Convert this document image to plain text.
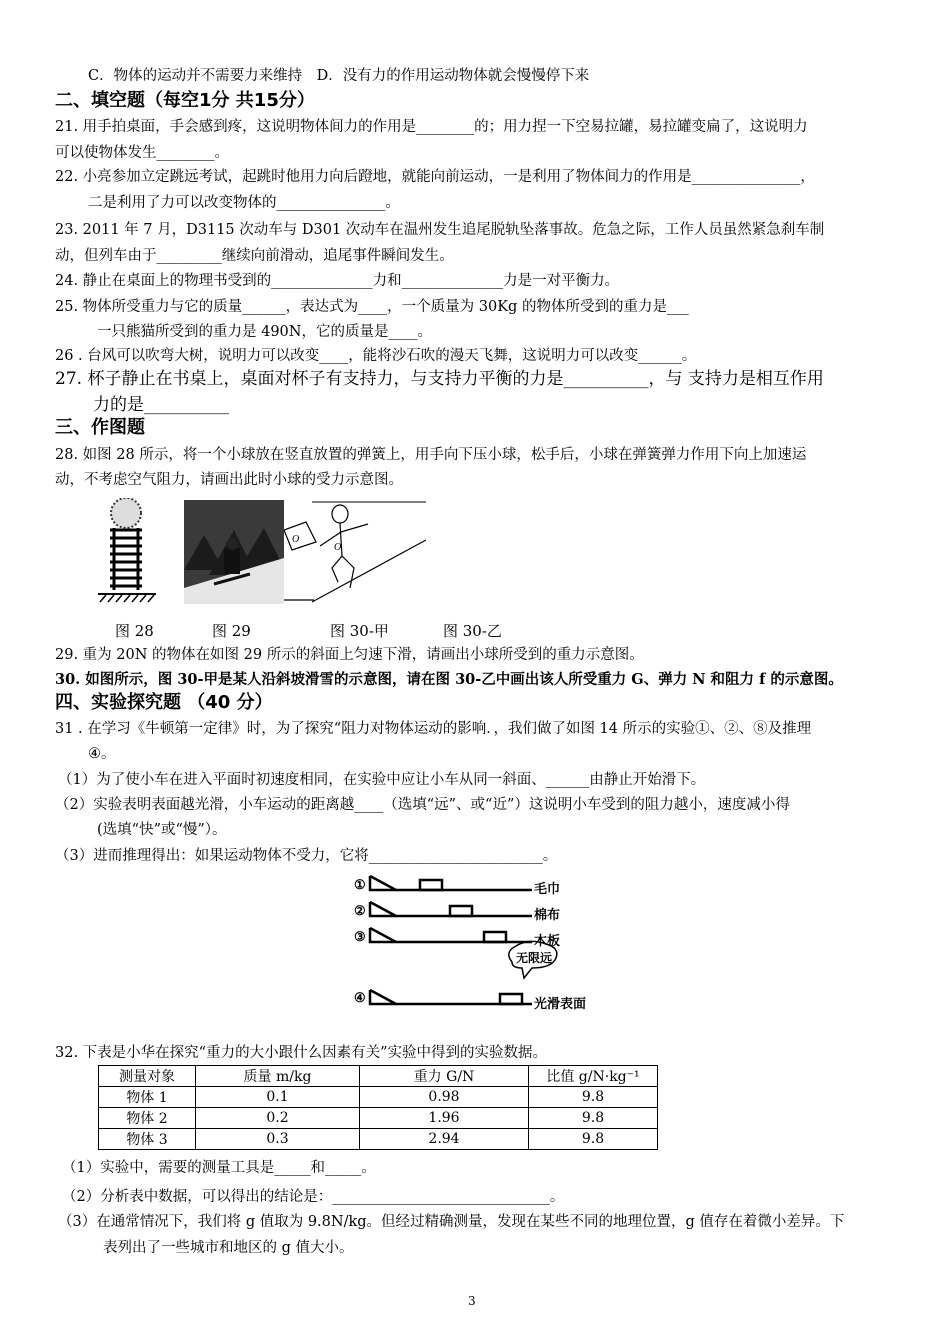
C．物体的运动并不需要力来维持　D．没有力的作用运动物体就会慢慢停下来
二、填空题（每空1分 共15分）
21. 用手拍桌面，手会感到疼，这说明物体间力的作用是________的；用力捏一下空易拉罐，易拉罐变扁了，这说明力
可以使物体发生________。
22. 小亮参加立定跳远考试，起跳时他用力向后蹬地，就能向前运动，一是利用了物体间力的作用是_______________，
二是利用了力可以改变物体的_______________。
23. 2011 年 7 月，D3115 次动车与 D301 次动车在温州发生追尾脱轨坠落事故。危急之际，工作人员虽然紧急刹车制
动，但列车由于_________继续向前滑动，追尾事件瞬间发生。
24. 静止在桌面上的物理书受到的______________力和______________力是一对平衡力。
25. 物体所受重力与它的质量______，表达式为____，一个质量为 30Kg 的物体所受到的重力是___
一只熊猫所受到的重力是 490N，它的质量是____。
26 . 台风可以吹弯大树，说明力可以改变____，能将沙石吹的漫天飞舞，这说明力可以改变______。
27. 杯子静止在书桌上，桌面对杯子有支持力，与支持力平衡的力是__________，与 支持力是相互作用
力的是__________
三、作图题
28. 如图 28 所示，将一个小球放在竖直放置的弹簧上，用手向下压小球，松手后，小球在弹簧弹力作用下向上加速运
动，不考虑空气阻力，请画出此时小球的受力示意图。
O
O
图 28	图 29	图 30-甲	图 30-乙
29. 重为 20N 的物体在如图 29 所示的斜面上匀速下滑，请画出小球所受到的重力示意图。
30. 如图所示，图 30-甲是某人沿斜坡滑雪的示意图，请在图 30-乙中画出该人所受重力 G、弹力 N 和阻力 f 的示意图。
四、实验探究题 （40 分）
31 . 在学习《牛顿第一定律》时，为了探究“阻力对物体运动的影响．，我们做了如图 14 所示的实验①、②、⑧及推理
④。
（1）为了使小车在进入平面时初速度相同，在实验中应让小车从同一斜面、______由静止开始滑下。
（2）实验表明表面越光滑，小车运动的距离越____（选填“远”、或“近”）这说明小车受到的阻力越小，速度减小得
(选填“快”或“慢”）。
（3）进而推理得出：如果运动物体不受力，它将________________________。
①
②
③
④
毛巾
棉布
木板
光滑表面
无限远
32. 下表是小华在探究“重力的大小跟什么因素有关”实验中得到的实验数据。
测量对象	质量 m/kg	重力 G/N	比值 g/N·kg⁻¹
物体 1	0.1	0.98	9.8
物体 2	0.2	1.96	9.8
物体 3	0.3	2.94	9.8
（1）实验中，需要的测量工具是_____和_____。
（2）分析表中数据，可以得出的结论是：______________________________。
（3）在通常情况下，我们将 g 值取为 9.8N/kg。但经过精确测量，发现在某些不同的地理位置，g 值存在着微小差异。下
表列出了一些城市和地区的 g 值大小。
3
